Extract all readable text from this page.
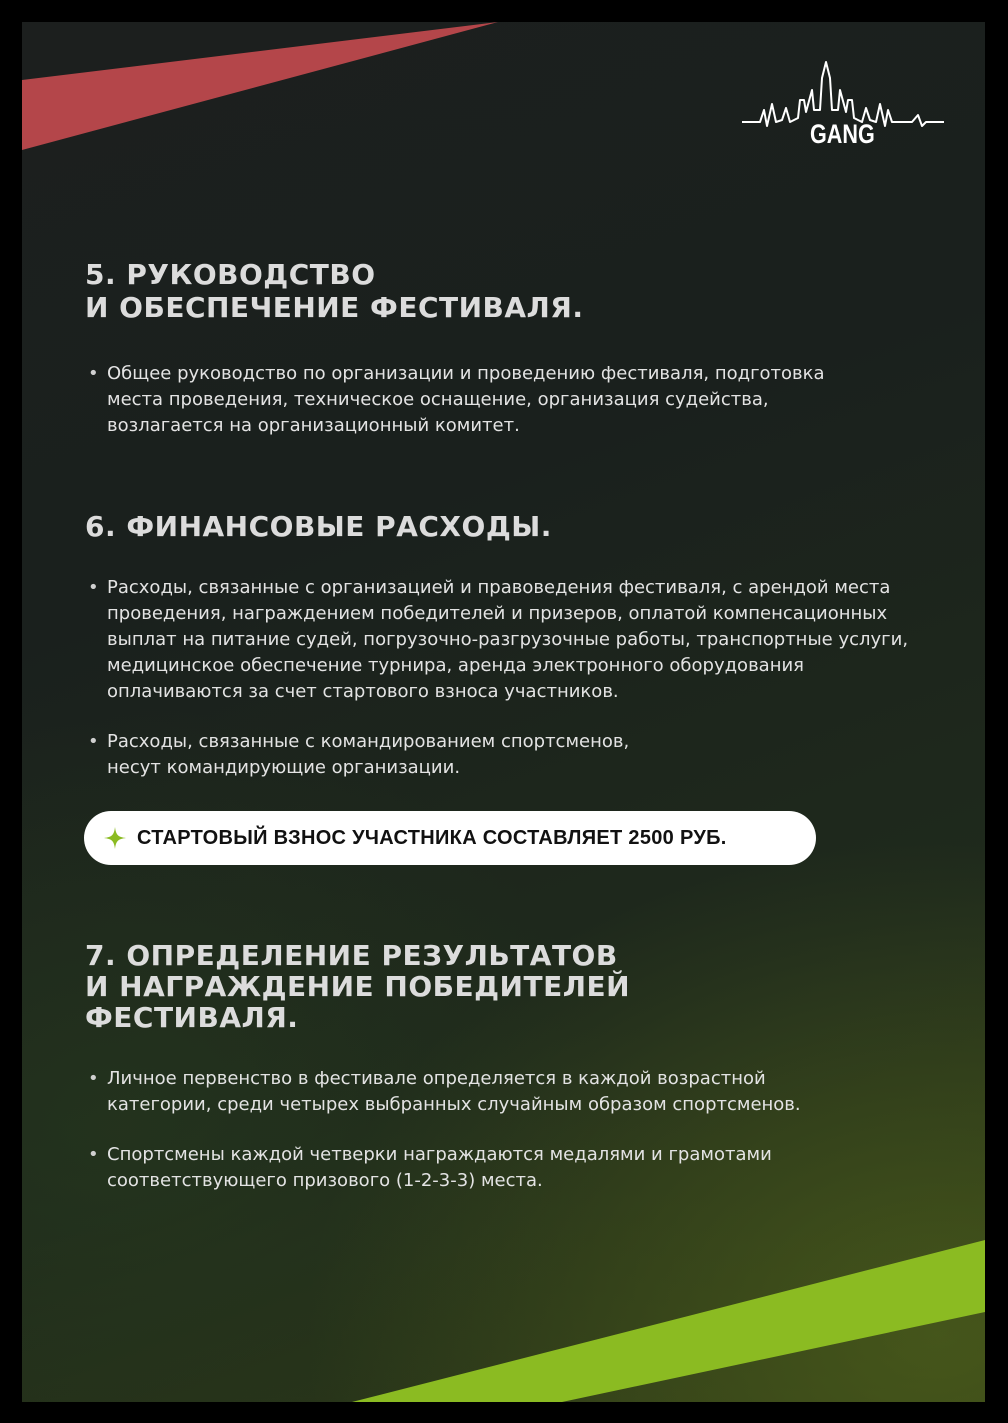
GANG
5. РУКОВОДСТВО
И ОБЕСПЕЧЕНИЕ ФЕСТИВАЛЯ.
• Общее руководство по организации и проведению фестиваля, подготовка
места проведения, техническое оснащение, организация судейства,
возлагается на организационный комитет.
6. ФИНАНСОВЫЕ РАСХОДЫ.
• Расходы, связанные с организацией и правоведения фестиваля, с арендой места
проведения, награждением победителей и призеров, оплатой компенсационных
выплат на питание судей, погрузочно-разгрузочные работы, транспортные услуги,
медицинское обеспечение турнира, аренда электронного оборудования
оплачиваются за счет стартового взноса участников.
• Расходы, связанные с командированием спортсменов,
несут командирующие организации.
СТАРТОВЫЙ ВЗНОС УЧАСТНИКА СОСТАВЛЯЕТ 2500 РУБ.
7. ОПРЕДЕЛЕНИЕ РЕЗУЛЬТАТОВ
И НАГРАЖДЕНИЕ ПОБЕДИТЕЛЕЙ
ФЕСТИВАЛЯ.
• Личное первенство в фестивале определяется в каждой возрастной
категории, среди четырех выбранных случайным образом спортсменов.
• Спортсмены каждой четверки награждаются медалями и грамотами
соответствующего призового (1-2-3-3) места.
